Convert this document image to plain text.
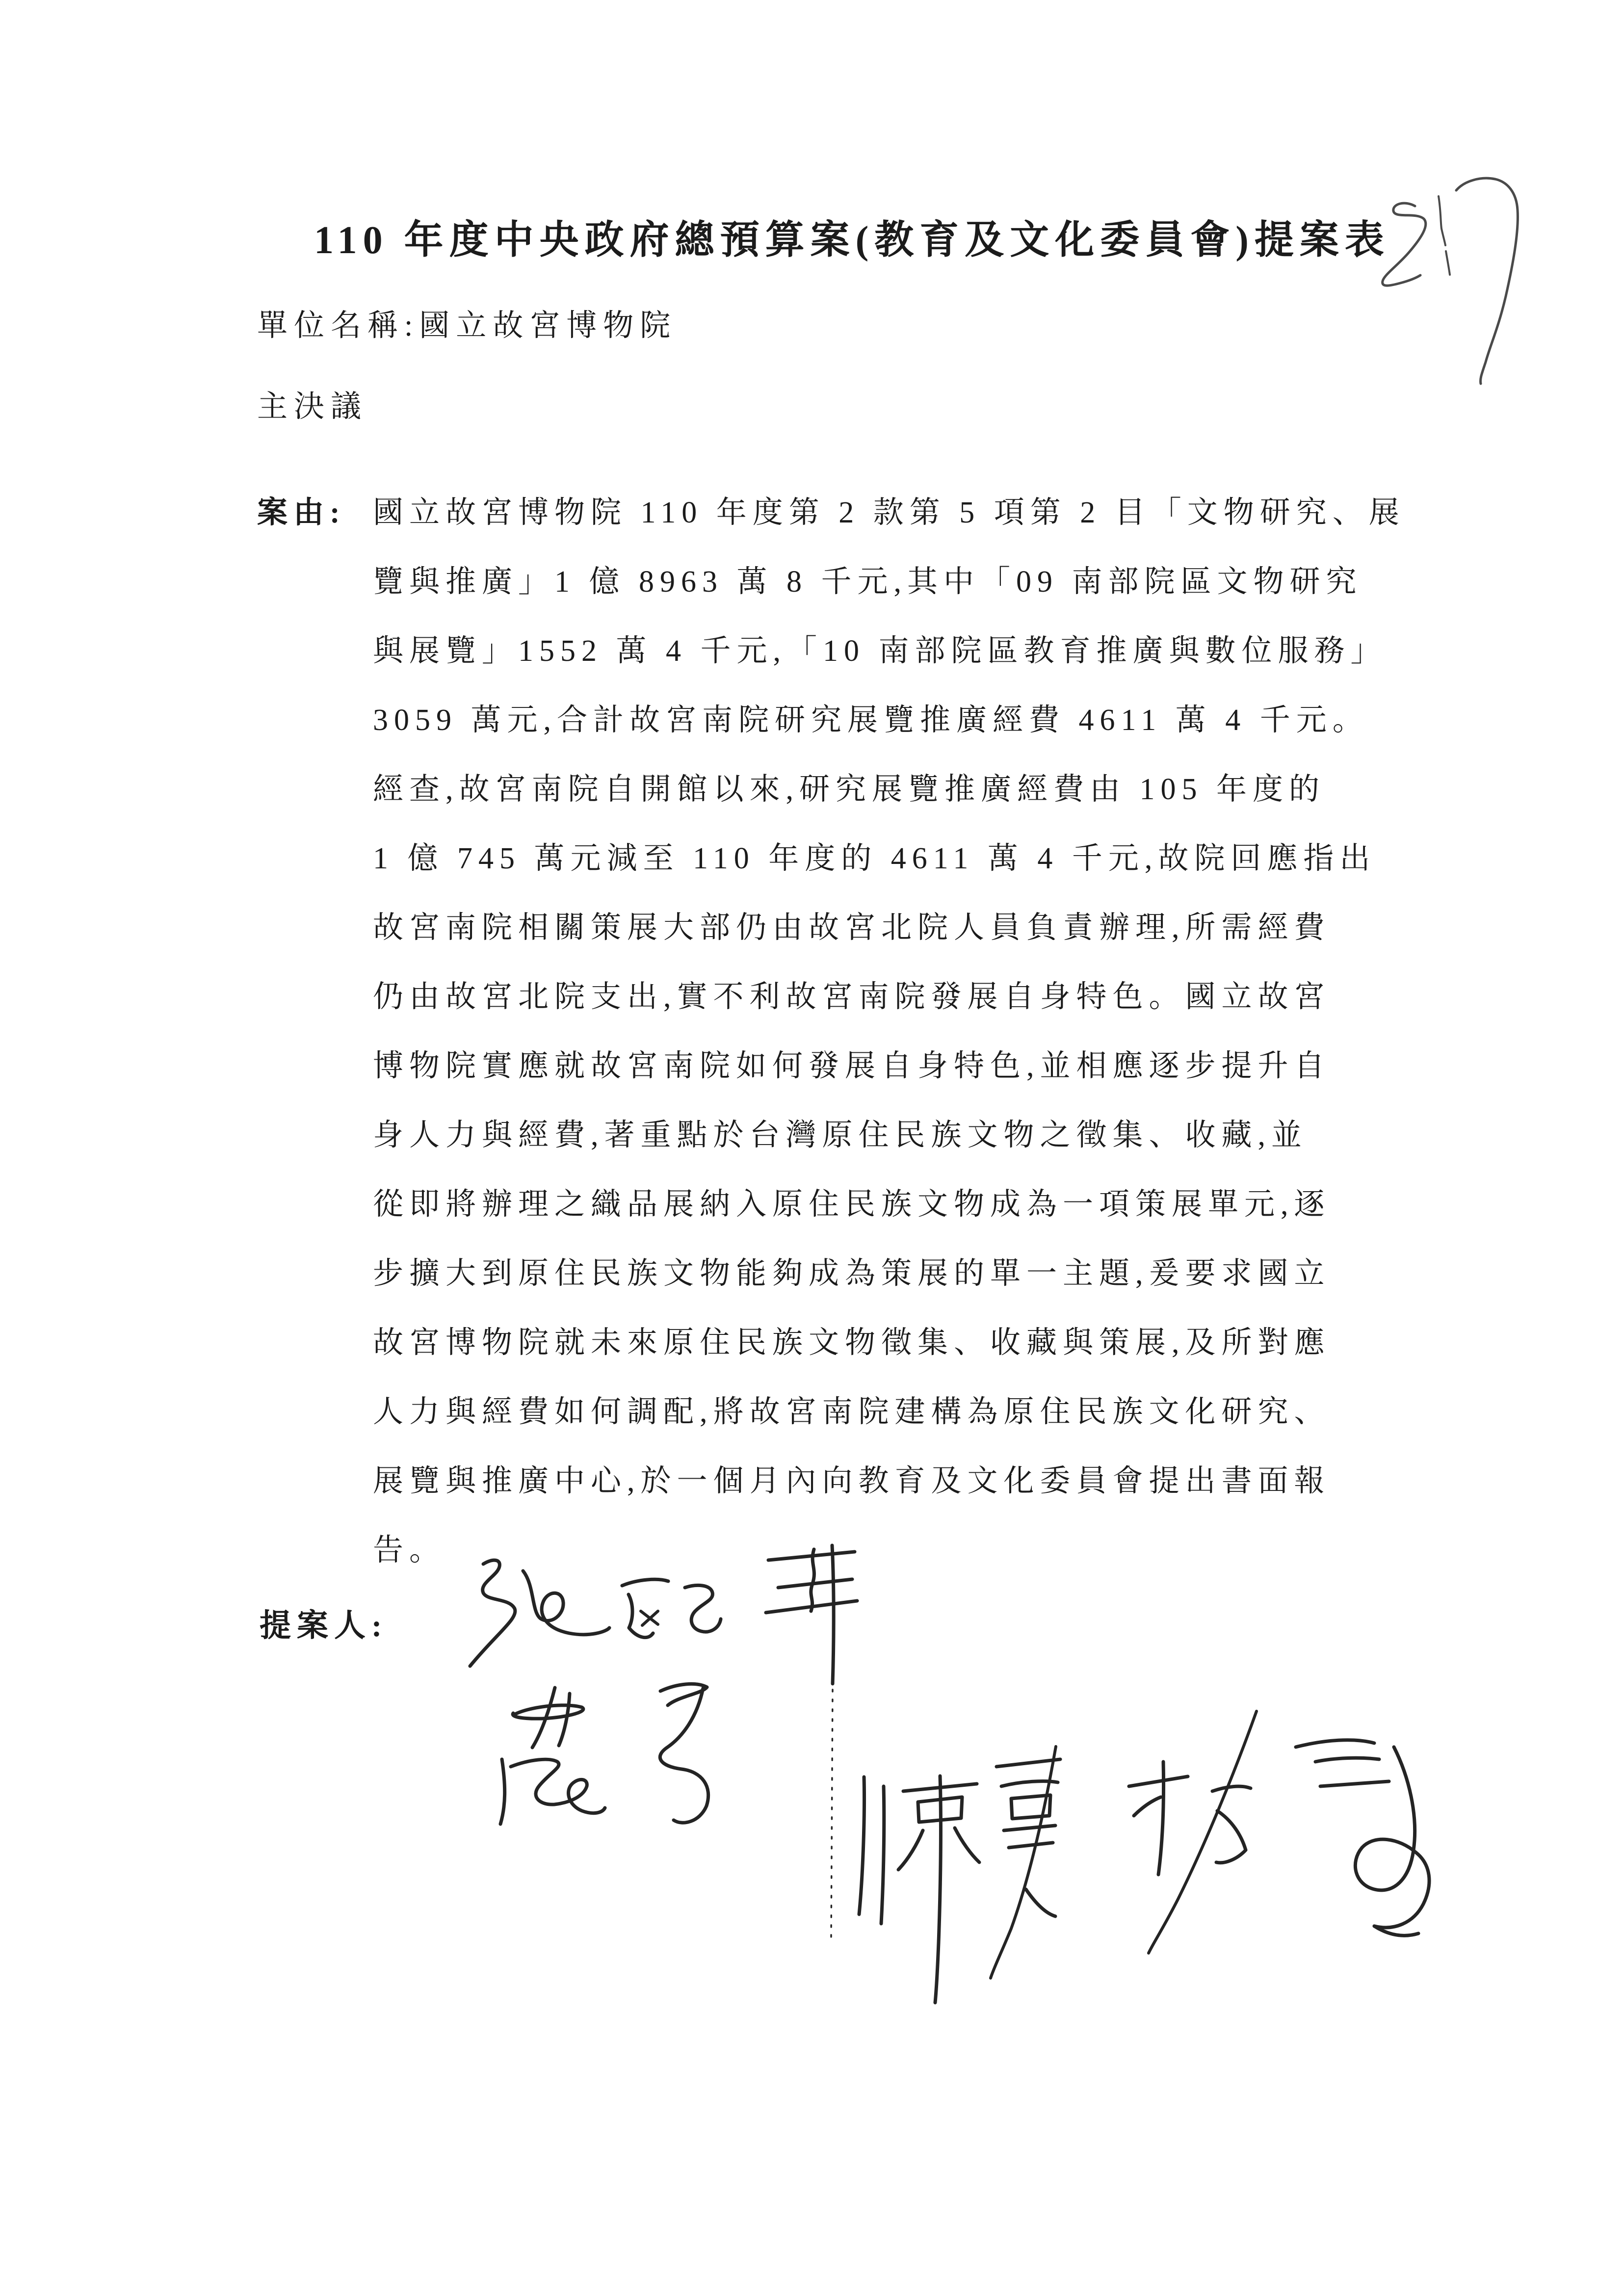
110 年度中央政府總預算案(教育及文化委員會)提案表
單位名稱:國立故宮博物院
主決議
案由: 國立故宮博物院 110 年度第 2 款第 5 項第 2 目「文物研究、展
覽與推廣」1 億 8963 萬 8 千元,其中「09 南部院區文物研究
與展覽」1552 萬 4 千元,「10 南部院區教育推廣與數位服務」
3059 萬元,合計故宮南院研究展覽推廣經費 4611 萬 4 千元。
經查,故宮南院自開館以來,研究展覽推廣經費由 105 年度的
1 億 745 萬元減至 110 年度的 4611 萬 4 千元,故院回應指出
故宮南院相關策展大部仍由故宮北院人員負責辦理,所需經費
仍由故宮北院支出,實不利故宮南院發展自身特色。國立故宮
博物院實應就故宮南院如何發展自身特色,並相應逐步提升自
身人力與經費,著重點於台灣原住民族文物之徵集、收藏,並
從即將辦理之織品展納入原住民族文物成為一項策展單元,逐
步擴大到原住民族文物能夠成為策展的單一主題,爰要求國立
故宮博物院就未來原住民族文物徵集、收藏與策展,及所對應
人力與經費如何調配,將故宮南院建構為原住民族文化研究、
展覽與推廣中心,於一個月內向教育及文化委員會提出書面報
告。
提案人:
